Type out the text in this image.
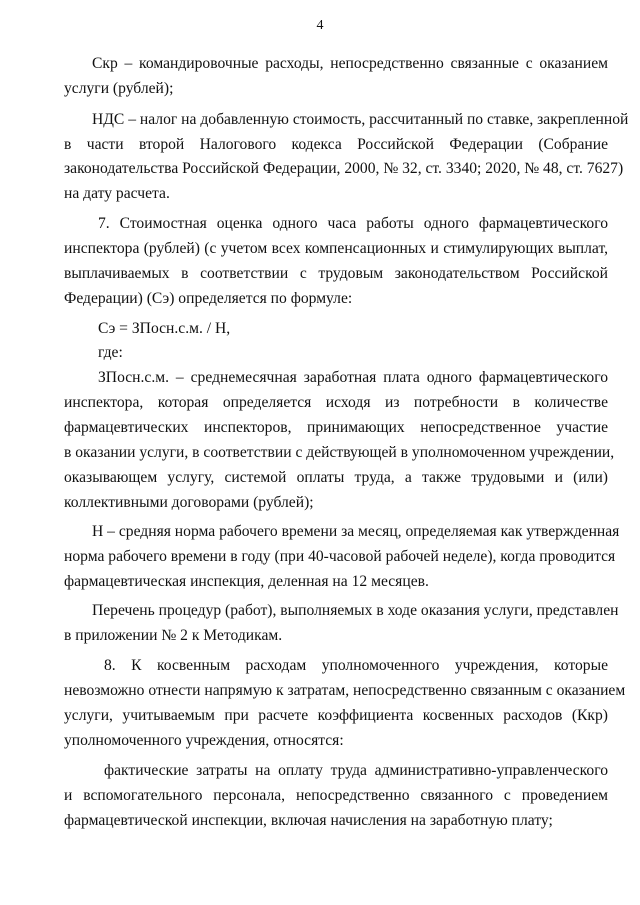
4
Скр – командировочные расходы, непосредственно связанные с оказанием
услуги (рублей);
НДС – налог на добавленную стоимость, рассчитанный по ставке, закрепленной
в части второй Налогового кодекса Российской Федерации (Собрание
законодательства Российской Федерации, 2000, № 32, ст. 3340; 2020, № 48, ст. 7627)
на дату расчета.
7. Стоимостная оценка одного часа работы одного фармацевтического
инспектора (рублей) (с учетом всех компенсационных и стимулирующих выплат,
выплачиваемых в соответствии с трудовым законодательством Российской
Федерации) (Сэ) определяется по формуле:
Сэ = ЗПосн.с.м. / Н,
где:
ЗПосн.с.м. – среднемесячная заработная плата одного фармацевтического
инспектора, которая определяется исходя из потребности в количестве
фармацевтических инспекторов, принимающих непосредственное участие
в оказании услуги, в соответствии с действующей в уполномоченном учреждении,
оказывающем услугу, системой оплаты труда, а также трудовыми и (или)
коллективными договорами (рублей);
Н – средняя норма рабочего времени за месяц, определяемая как утвержденная
норма рабочего времени в году (при 40-часовой рабочей неделе), когда проводится
фармацевтическая инспекция, деленная на 12 месяцев.
Перечень процедур (работ), выполняемых в ходе оказания услуги, представлен
в приложении № 2 к Методикам.
8. К косвенным расходам уполномоченного учреждения, которые
невозможно отнести напрямую к затратам, непосредственно связанным с оказанием
услуги, учитываемым при расчете коэффициента косвенных расходов (Ккр)
уполномоченного учреждения, относятся:
фактические затраты на оплату труда административно-управленческого
и вспомогательного персонала, непосредственно связанного с проведением
фармацевтической инспекции, включая начисления на заработную плату;
